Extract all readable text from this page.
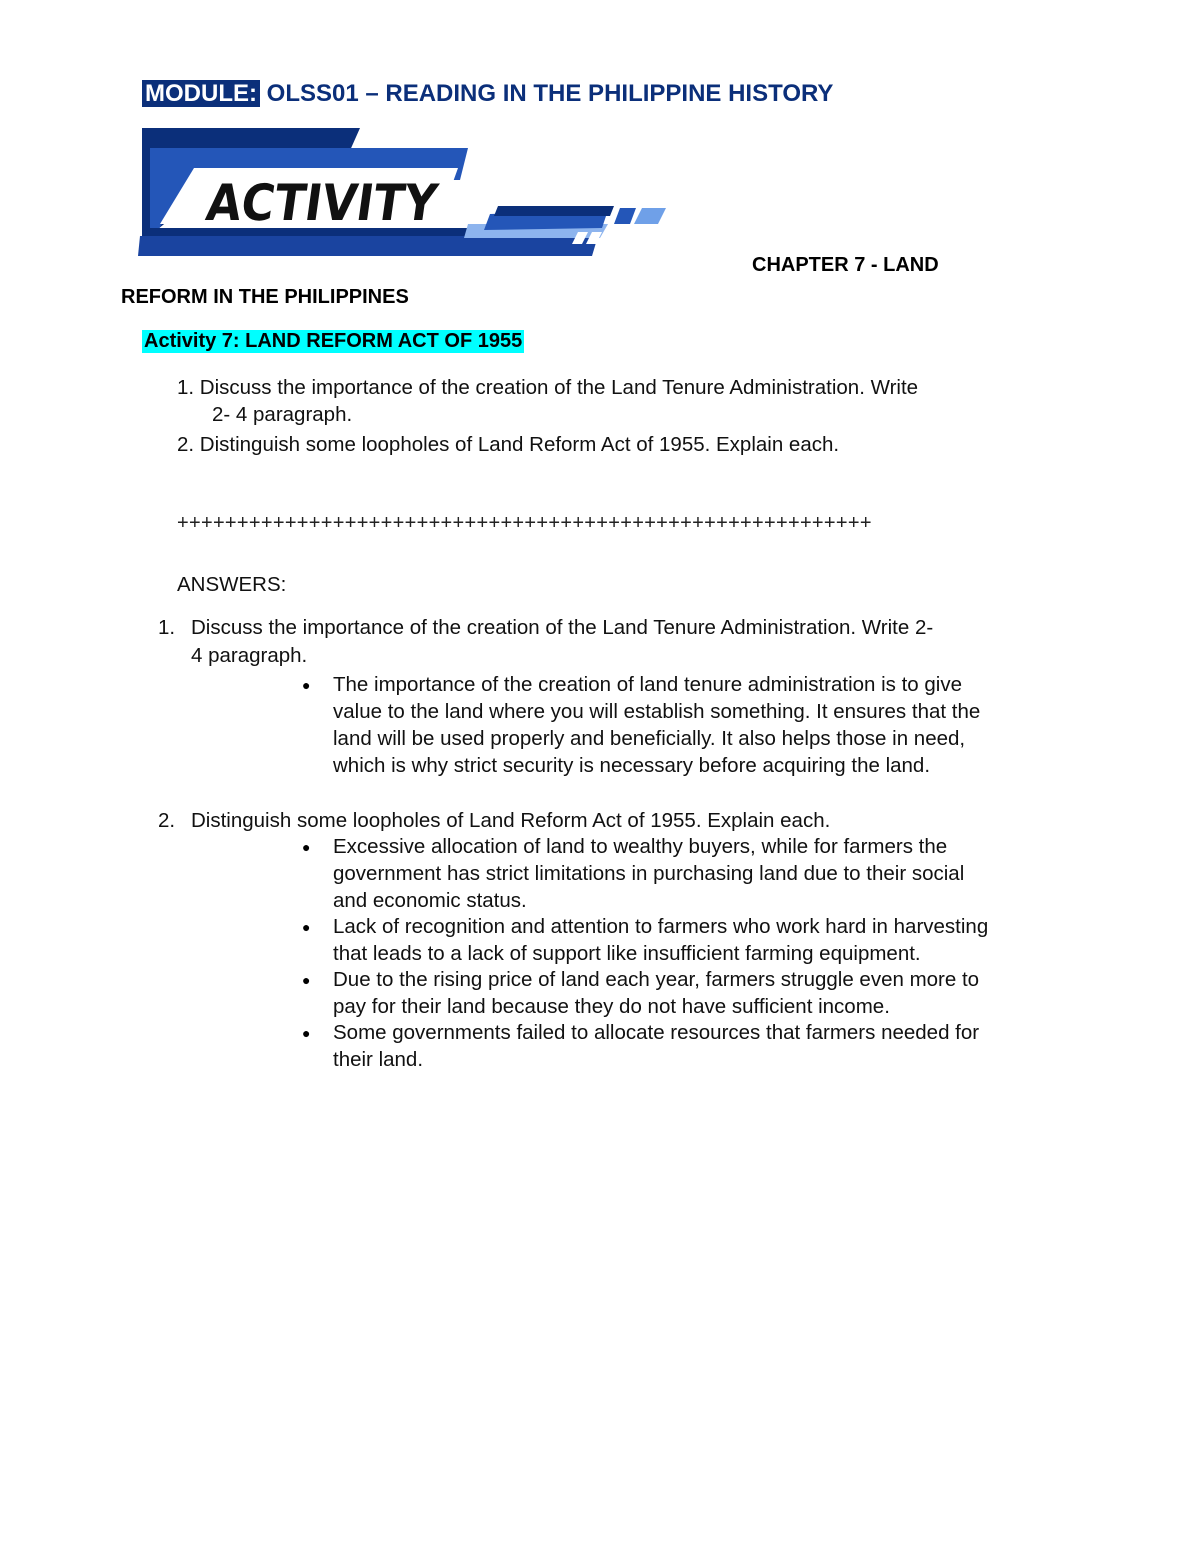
MODULE: OLSS01 – READING IN THE PHILIPPINE HISTORY
ACTIVITY

CHAPTER 7 - LAND

REFORM IN THE PHILIPPINES

Activity 7: LAND REFORM ACT OF 1955

1. Discuss the importance of the creation of the Land Tenure Administration. Write

2- 4 paragraph.

2. Distinguish some loopholes of Land Reform Act of 1955. Explain each.

++++++++++++++++++++++++++++++++++++++++++++++++++++++++++

ANSWERS:

1. Discuss the importance of the creation of the Land Tenure Administration. Write 2-

4 paragraph.

● The importance of the creation of land tenure administration is to give

value to the land where you will establish something. It ensures that the

land will be used properly and beneficially. It also helps those in need,

which is why strict security is necessary before acquiring the land.

2. Distinguish some loopholes of Land Reform Act of 1955. Explain each.

● Excessive allocation of land to wealthy buyers, while for farmers the

government has strict limitations in purchasing land due to their social

and economic status.

● Lack of recognition and attention to farmers who work hard in harvesting

that leads to a lack of support like insufficient farming equipment.

● Due to the rising price of land each year, farmers struggle even more to

pay for their land because they do not have sufficient income.

● Some governments failed to allocate resources that farmers needed for

their land.
